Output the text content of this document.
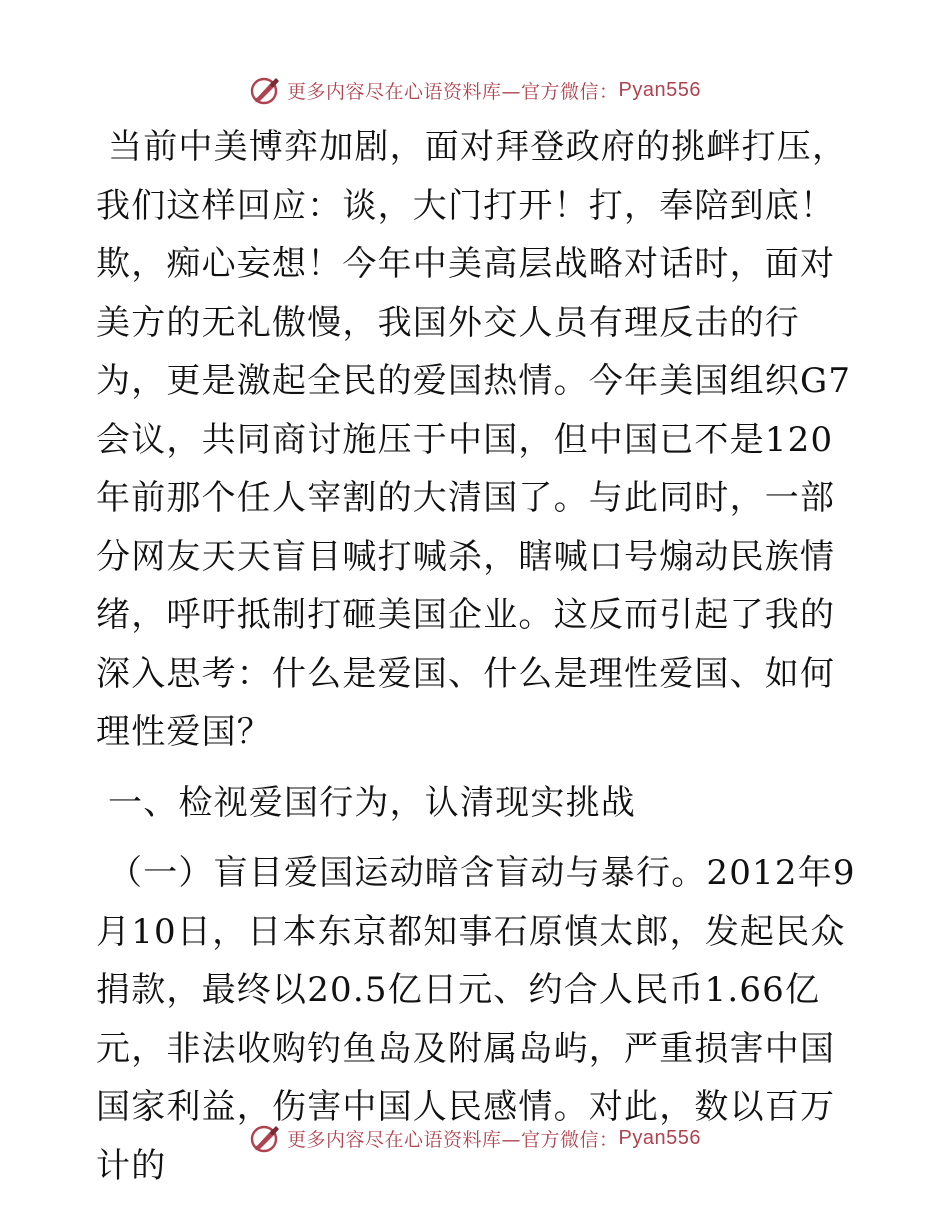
更多内容尽在心语资料库—官方微信： Pyan556

当前中美博弈加剧，面对拜登政府的挑衅打压，我们这样回应：谈，大门打开！打，奉陪到底！欺，痴心妄想！今年中美高层战略对话时，面对美方的无礼傲慢，我国外交人员有理反击的行为，更是激起全民的爱国热情。今年美国组织G7会议，共同商讨施压于中国，但中国已不是120年前那个任人宰割的大清国了。与此同时，一部分网友天天盲目喊打喊杀，瞎喊口号煽动民族情绪，呼吁抵制打砸美国企业。这反而引起了我的深入思考：什么是爱国、什么是理性爱国、如何理性爱国？

一、检视爱国行为，认清现实挑战

（一）盲目爱国运动暗含盲动与暴行。2012年9月10日，日本东京都知事石原慎太郎，发起民众捐款，最终以20.5亿日元、约合人民币1.66亿元，非法收购钓鱼岛及附属岛屿，严重损害中国国家利益，伤害中国人民感情。对此，数以百万计的

更多内容尽在心语资料库—官方微信： Pyan556
